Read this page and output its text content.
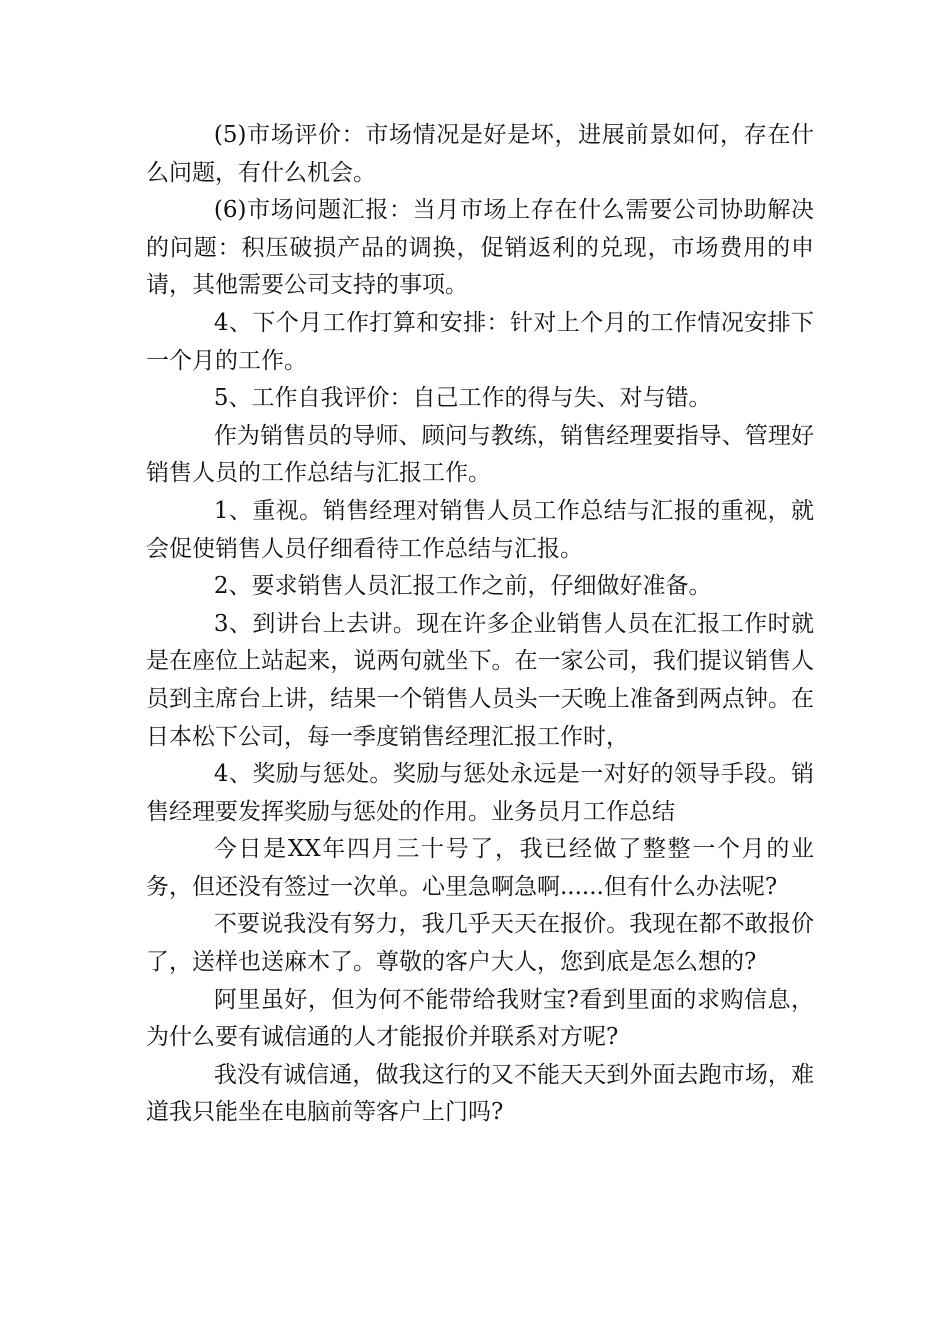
(5)市场评价：市场情况是好是坏，进展前景如何，存在什么问题，有什么机会。

(6)市场问题汇报：当月市场上存在什么需要公司协助解决的问题：积压破损产品的调换，促销返利的兑现，市场费用的申请，其他需要公司支持的事项。

4、下个月工作打算和安排：针对上个月的工作情况安排下一个月的工作。

5、工作自我评价：自己工作的得与失、对与错。

作为销售员的导师、顾问与教练，销售经理要指导、管理好销售人员的工作总结与汇报工作。

1、重视。销售经理对销售人员工作总结与汇报的重视，就会促使销售人员仔细看待工作总结与汇报。

2、要求销售人员汇报工作之前，仔细做好准备。

3、到讲台上去讲。现在许多企业销售人员在汇报工作时就是在座位上站起来，说两句就坐下。在一家公司，我们提议销售人员到主席台上讲，结果一个销售人员头一天晚上准备到两点钟。在日本松下公司，每一季度销售经理汇报工作时，

4、奖励与惩处。奖励与惩处永远是一对好的领导手段。销售经理要发挥奖励与惩处的作用。业务员月工作总结

今日是XX年四月三十号了，我已经做了整整一个月的业务，但还没有签过一次单。心里急啊急啊......但有什么办法呢?

不要说我没有努力，我几乎天天在报价。我现在都不敢报价了，送样也送麻木了。尊敬的客户大人，您到底是怎么想的?

阿里虽好，但为何不能带给我财宝?看到里面的求购信息，为什么要有诚信通的人才能报价并联系对方呢?

我没有诚信通，做我这行的又不能天天到外面去跑市场，难道我只能坐在电脑前等客户上门吗?
